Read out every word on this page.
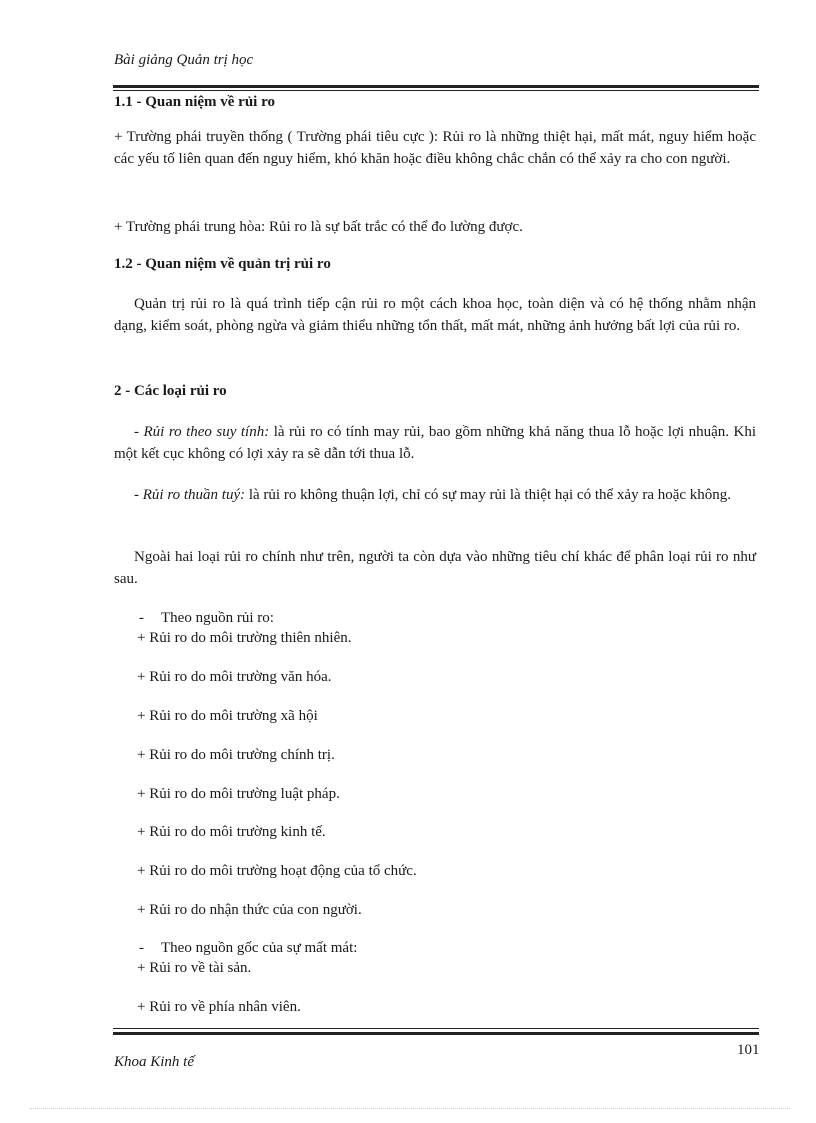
Bài giảng Quản trị học
1.1 - Quan niệm về rủi ro

+ Trường phái truyền thống ( Trường phái tiêu cực ): Rủi ro là những thiệt hại, mất mát, nguy hiểm hoặc các yếu tố liên quan đến nguy hiểm, khó khăn hoặc điều không chắc chắn có thể xảy ra cho con người.

+ Trường phái trung hòa: Rủi ro là sự bất trắc có thể đo lường được.

1.2 - Quan niệm về quản trị rủi ro

Quản trị rủi ro là quá trình tiếp cận rủi ro một cách khoa học, toàn diện và có hệ thống nhằm nhận dạng, kiểm soát, phòng ngừa và giảm thiểu những tổn thất, mất mát, những ảnh hưởng bất lợi của rủi ro.

2 - Các loại rủi ro

- Rủi ro theo suy tính: là rủi ro có tính may rủi, bao gồm những khả năng thua lỗ hoặc lợi nhuận. Khi một kết cục không có lợi xảy ra sẽ dẫn tới thua lỗ.

- Rủi ro thuần tuý: là rủi ro không thuận lợi, chỉ có sự may rủi là thiệt hại có thể xảy ra hoặc không.

Ngoài hai loại rủi ro chính như trên, người ta còn dựa vào những tiêu chí khác để phân loại rủi ro như sau.

- Theo nguồn rủi ro:
+ Rủi ro do môi trường thiên nhiên.
+ Rủi ro do môi trường văn hóa.
+ Rủi ro do môi trường xã hội
+ Rủi ro do môi trường chính trị.
+ Rủi ro do môi trường luật pháp.
+ Rủi ro do môi trường kinh tế.
+ Rủi ro do môi trường hoạt động của tổ chức.
+ Rủi ro do nhận thức của con người.
- Theo nguồn gốc của sự mất mát:
+ Rủi ro về tài sản.
+ Rủi ro về phía nhân viên.
101
Khoa Kinh tế
